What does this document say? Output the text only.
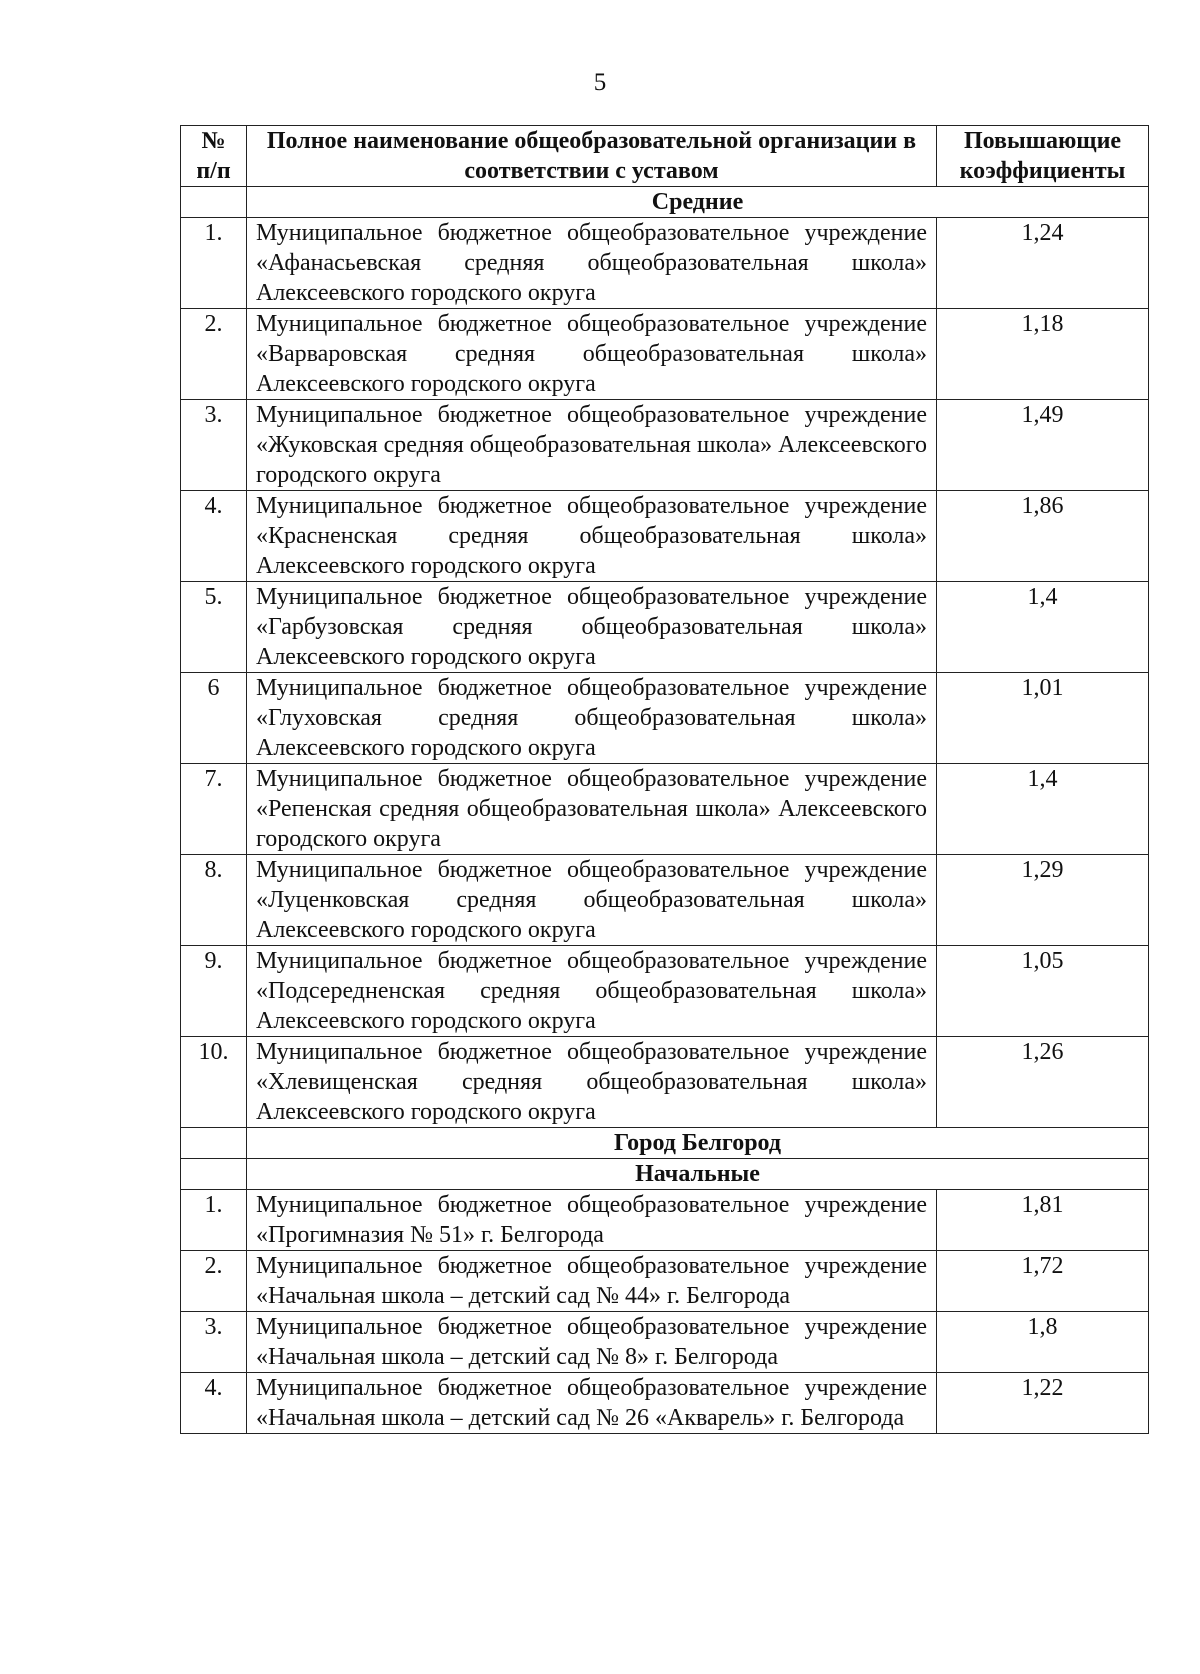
5
№ п/п	Полное наименование общеобразовательной организации в соответствии с уставом	Повышающие коэффициенты
	Средние	
1.	Муниципальное бюджетное общеобразовательное учреждение «Афанасьевская средняя общеобразовательная школа» Алексеевского городского округа	1,24
2.	Муниципальное бюджетное общеобразовательное учреждение «Варваровская средняя общеобразовательная школа» Алексеевского городского округа	1,18
3.	Муниципальное бюджетное общеобразовательное учреждение «Жуковская средняя общеобразовательная школа» Алексеевского городского округа	1,49
4.	Муниципальное бюджетное общеобразовательное учреждение «Красненская средняя общеобразовательная школа» Алексеевского городского округа	1,86
5.	Муниципальное бюджетное общеобразовательное учреждение «Гарбузовская средняя общеобразовательная школа» Алексеевского городского округа	1,4
6	Муниципальное бюджетное общеобразовательное учреждение «Глуховская средняя общеобразовательная школа» Алексеевского городского округа	1,01
7.	Муниципальное бюджетное общеобразовательное учреждение «Репенская средняя общеобразовательная школа» Алексеевского городского округа	1,4
8.	Муниципальное бюджетное общеобразовательное учреждение «Луценковская средняя общеобразовательная школа» Алексеевского городского округа	1,29
9.	Муниципальное бюджетное общеобразовательное учреждение «Подсередненская средняя общеобразовательная школа» Алексеевского городского округа	1,05
10.	Муниципальное бюджетное общеобразовательное учреждение «Хлевищенская средняя общеобразовательная школа» Алексеевского городского округа	1,26
	Город Белгород	
	Начальные	
1.	Муниципальное бюджетное общеобразовательное учреждение «Прогимназия № 51» г. Белгорода	1,81
2.	Муниципальное бюджетное общеобразовательное учреждение «Начальная школа – детский сад № 44» г. Белгорода	1,72
3.	Муниципальное бюджетное общеобразовательное учреждение «Начальная школа – детский сад № 8» г. Белгорода	1,8
4.	Муниципальное бюджетное общеобразовательное учреждение «Начальная школа – детский сад № 26 «Акварель» г. Белгорода	1,22
